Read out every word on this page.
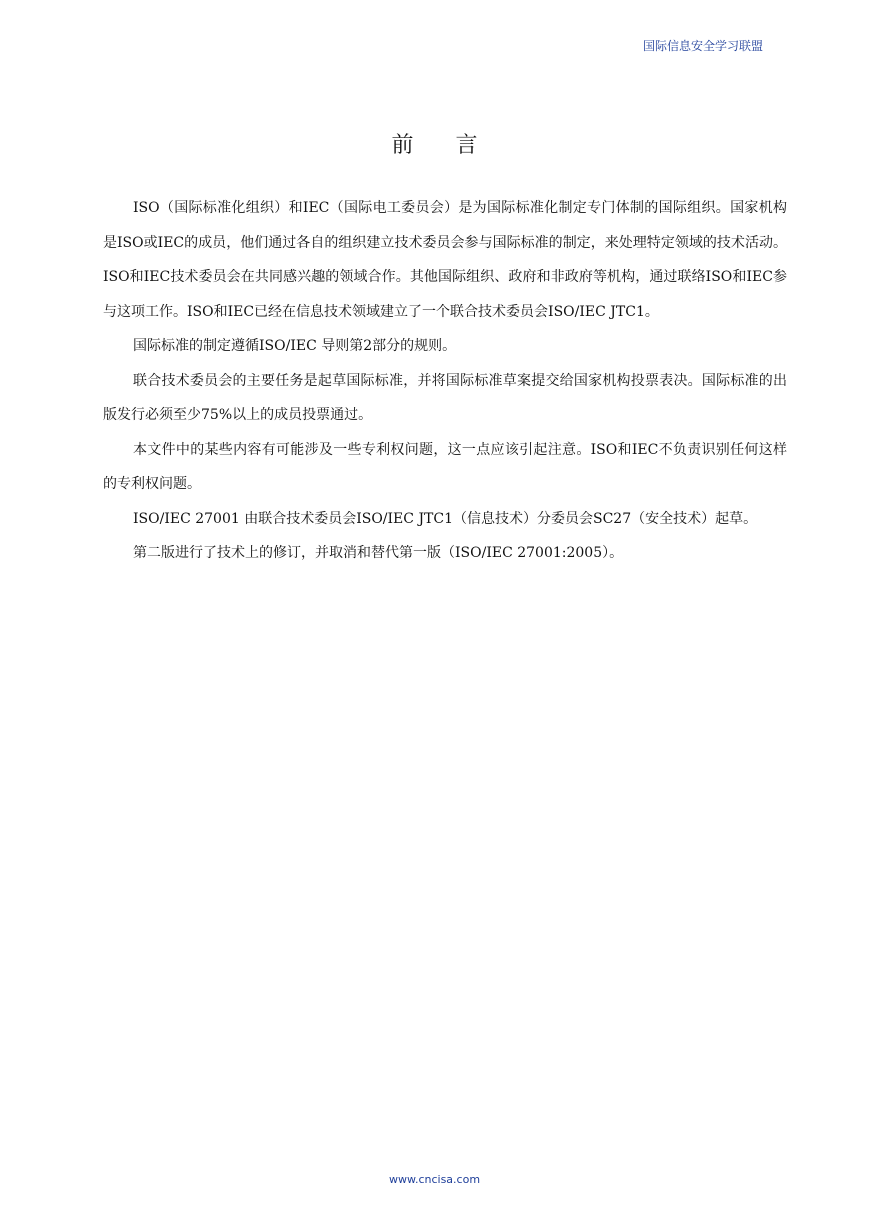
国际信息安全学习联盟
前言

ISO（国际标准化组织）和IEC（国际电工委员会）是为国际标准化制定专门体制的国际组织。国家机构是ISO或IEC的成员，他们通过各自的组织建立技术委员会参与国际标准的制定，来处理特定领域的技术活动。ISO和IEC技术委员会在共同感兴趣的领域合作。其他国际组织、政府和非政府等机构，通过联络ISO和IEC参与这项工作。ISO和IEC已经在信息技术领域建立了一个联合技术委员会ISO/IEC JTC1。

国际标准的制定遵循ISO/IEC 导则第2部分的规则。

联合技术委员会的主要任务是起草国际标准，并将国际标准草案提交给国家机构投票表决。国际标准的出版发行必须至少75%以上的成员投票通过。

本文件中的某些内容有可能涉及一些专利权问题，这一点应该引起注意。ISO和IEC不负责识别任何这样的专利权问题。

ISO/IEC 27001 由联合技术委员会ISO/IEC JTC1（信息技术）分委员会SC27（安全技术）起草。

第二版进行了技术上的修订，并取消和替代第一版（ISO/IEC 27001:2005）。

www.cncisa.com
